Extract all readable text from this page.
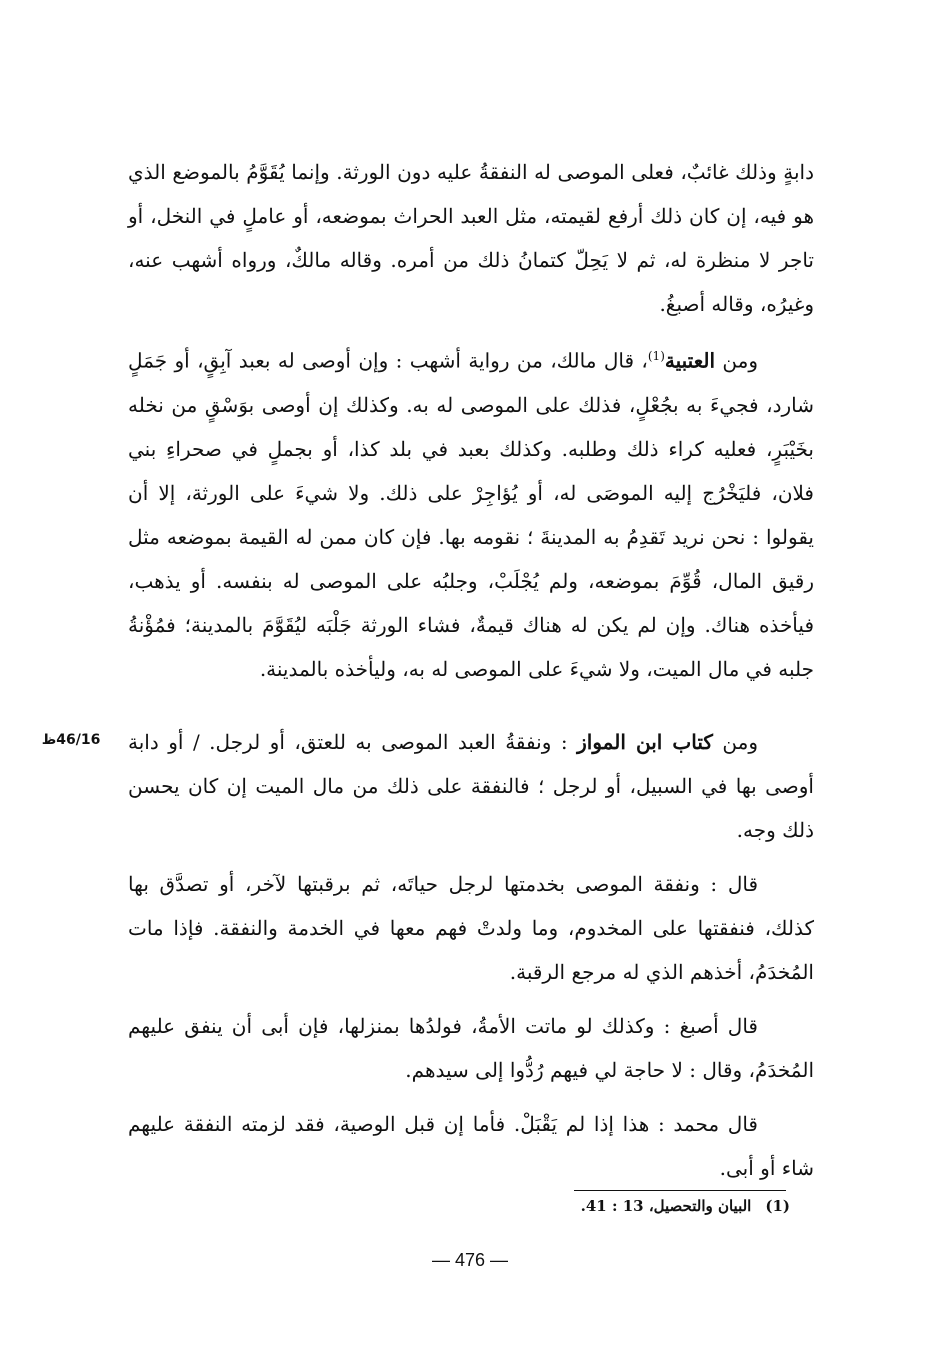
دابةٍ وذلك غائبٌ، فعلى الموصى له النفقةُ عليه دون الورثة. وإنما يُقَوَّمُ بالموضع الذي هو فيه، إن كان ذلك أرفع لقيمته، مثل العبد الحراث بموضعه، أو عاملٍ في النخل، أو تاجر لا منظرة له، ثم لا يَحِلّ كتمانُ ذلك من أمره. وقاله مالكٌ، ورواه أشهب عنه، وغيرُه، وقاله أصبغُ.

ومن العتبية$^{(1)}$، قال مالك، من رواية أشهب : وإن أوصى له بعبد آبِقٍ، أو جَمَلٍ شارد، فجيءَ به بجُعْلٍ، فذلك على الموصى له به. وكذلك إن أوصى بوَسْقٍ من نخله بخَيْبَرٍ، فعليه كراء ذلك وطلبه. وكذلك بعبد في بلد كذا، أو بجملٍ في صحراءِ بني فلان، فليَخْرُج إليه الموصَى له، أو يُؤاجِرْ على ذلك. ولا شيءَ على الورثة، إلا أن يقولوا : نحن نريد تَقدِمُ به المدينةَ ؛ نقومه بها. فإن كان ممن له القيمة بموضعه مثل رقيق المال، قُوِّمَ بموضعه، ولم يُجْلَبْ، وجلبُه على الموصى له بنفسه. أو يذهب، فيأخذه هناك. وإن لم يكن له هناك قيمةٌ، فشاء الورثة جَلْبَه ليُقَوَّمَ بالمدينة؛ فمُؤْنةُ جلبه في مال الميت، ولا شيءَ على الموصى له به، وليأخذه بالمدينة.

46/16ظ	ومن كتاب ابن المواز : ونفقةُ العبد الموصى به للعتق، أو لرجل. / أو دابة أوصى بها في السبيل، أو لرجل ؛ فالنفقة على ذلك من مال الميت إن كان يحسن ذلك وجه.

قال : ونفقة الموصى بخدمتها لرجل حياتَه، ثم برقبتها لآخر، أو تصدَّق بها كذلك، فنفقتها على المخدوم، وما ولدتْ فهم معها في الخدمة والنفقة. فإذا مات المُخدَمُ، أخذهم الذي له مرجع الرقبة.

قال أصبغ : وكذلك لو ماتت الأمةُ، فولدُها بمنزلها، فإن أبى أن ينفق عليهم المُخدَمُ، وقال : لا حاجة لي فيهم رُدُّوا إلى سيدهم.

قال محمد : هذا إذا لم يَقْبَلْ. فأما إن قبل الوصية، فقد لزمته النفقة عليهم شاء أو أبى.

(1)البيان والتحصيل، 13 : 41.
— 476 —
